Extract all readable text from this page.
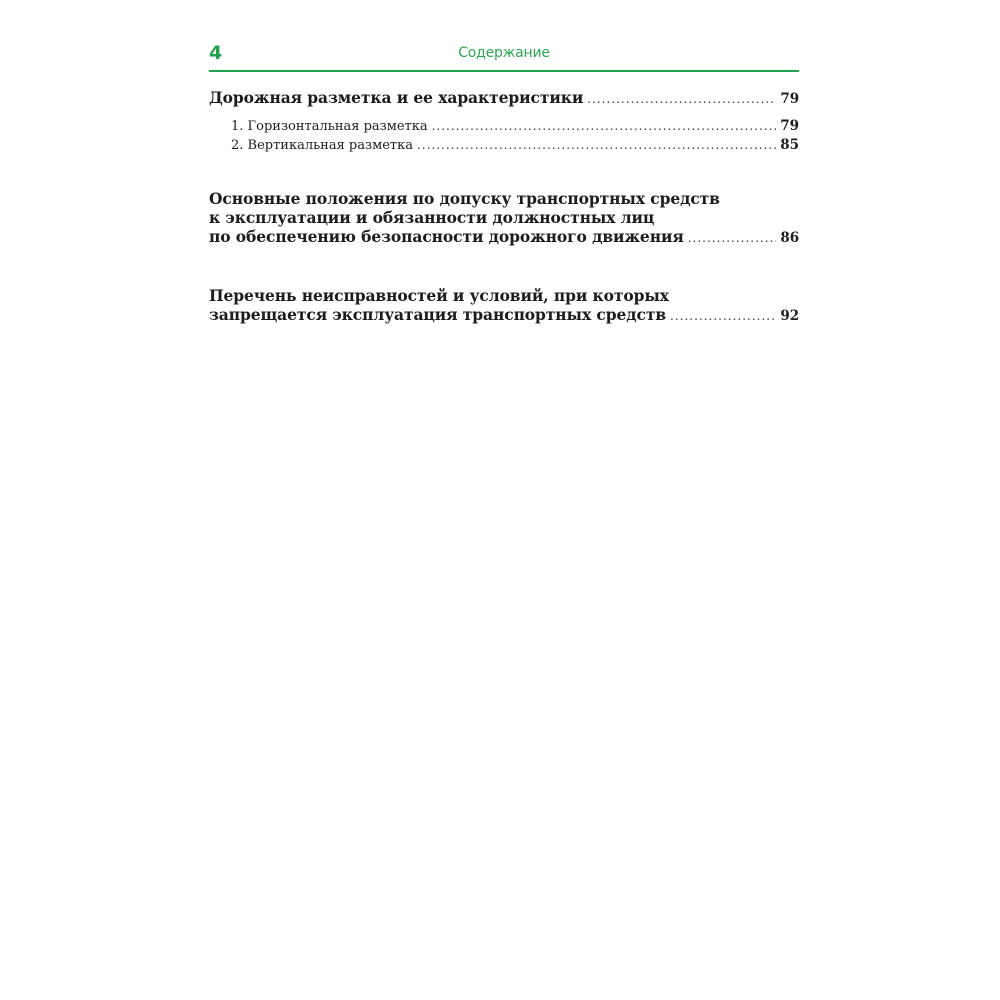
4	Содержание
Дорожная разметка и ее характеристики .....	79
1. Горизонтальная разметка .....	79
2. Вертикальная разметка .....	85
Основные положения по допуску транспортных средств
к эксплуатации и обязанности должностных лиц
по обеспечению безопасности дорожного движения .....	86
Перечень неисправностей и условий, при которых
запрещается эксплуатация транспортных средств .....	92
